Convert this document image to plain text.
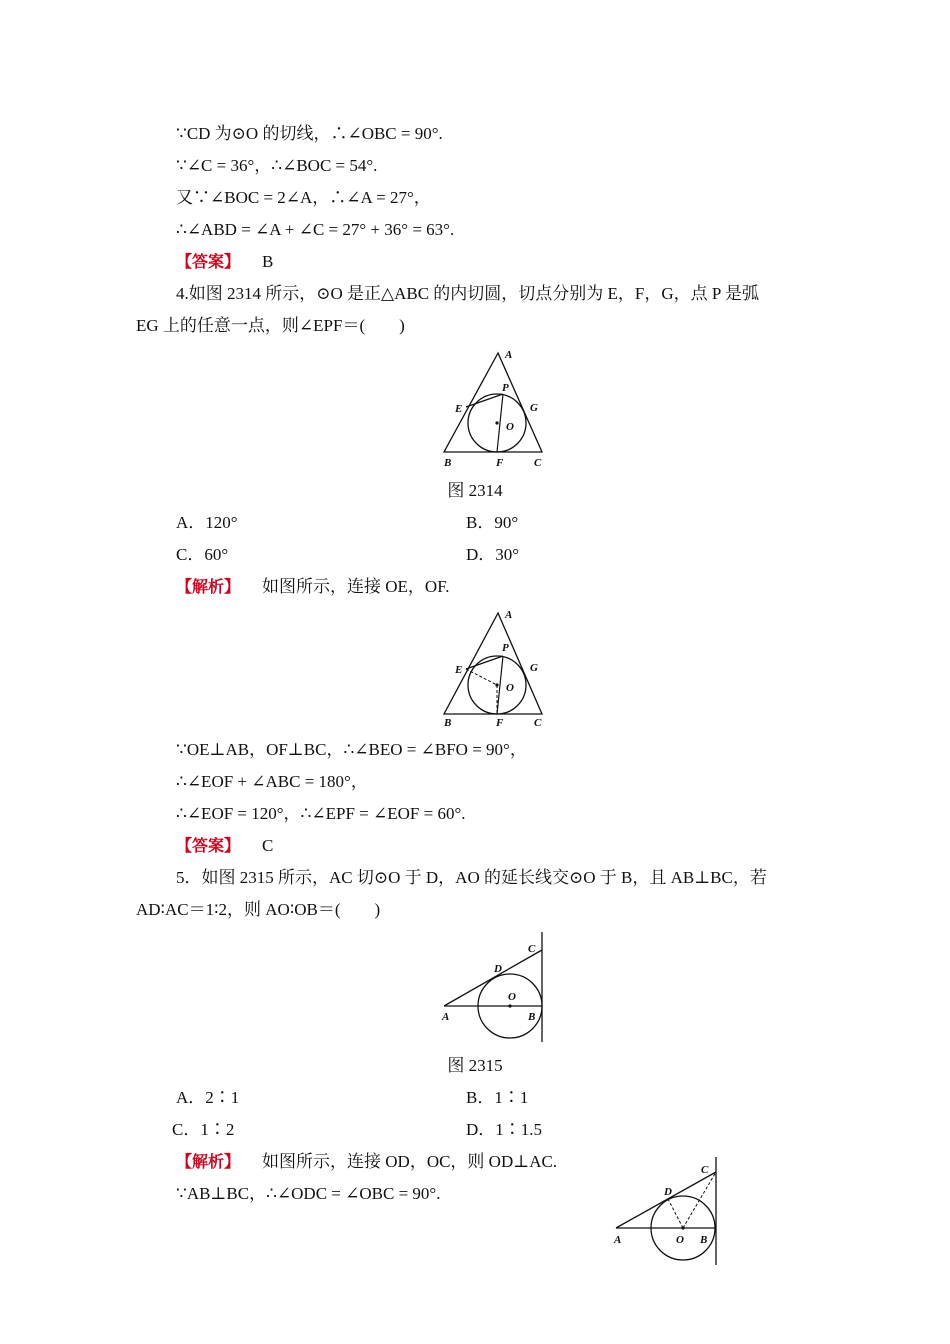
∵CD 为⊙O 的切线，∴∠OBC = 90°.
∵∠C = 36°，∴∠BOC = 54°.
又∵∠BOC = 2∠A，∴∠A = 27°，
∴∠ABD = ∠A + ∠C = 27° + 36° = 63°.
【答案】 B
4.如图 2314 所示，⊙O 是正△ABC 的内切圆，切点分别为 E，F，G，点 P 是弧
EG 上的任意一点，则∠EPF＝(　　)
A
B	C
E
F
G
P
O
图 2314
A．120°	B．90°
C．60°	D．30°
【解析】 如图所示，连接 OE，OF.
A
B	C
E
F
G
P
O
∵OE⊥AB，OF⊥BC，∴∠BEO = ∠BFO = 90°，
∴∠EOF + ∠ABC = 180°，
∴∠EOF = 120°，∴∠EPF = ∠EOF = 60°.
【答案】 C
5．如图 2315 所示，AC 切⊙O 于 D，AO 的延长线交⊙O 于 B，且 AB⊥BC，若
AD∶AC＝1∶2，则 AO∶OB＝(　　)
C
D
O
A	B
图 2315
A．2∶1	B．1∶1
C．1∶2	D．1∶1.5
【解析】 如图所示，连接 OD，OC，则 OD⊥AC.
∵AB⊥BC，∴∠ODC = ∠OBC = 90°.
C
D
O
A	B
